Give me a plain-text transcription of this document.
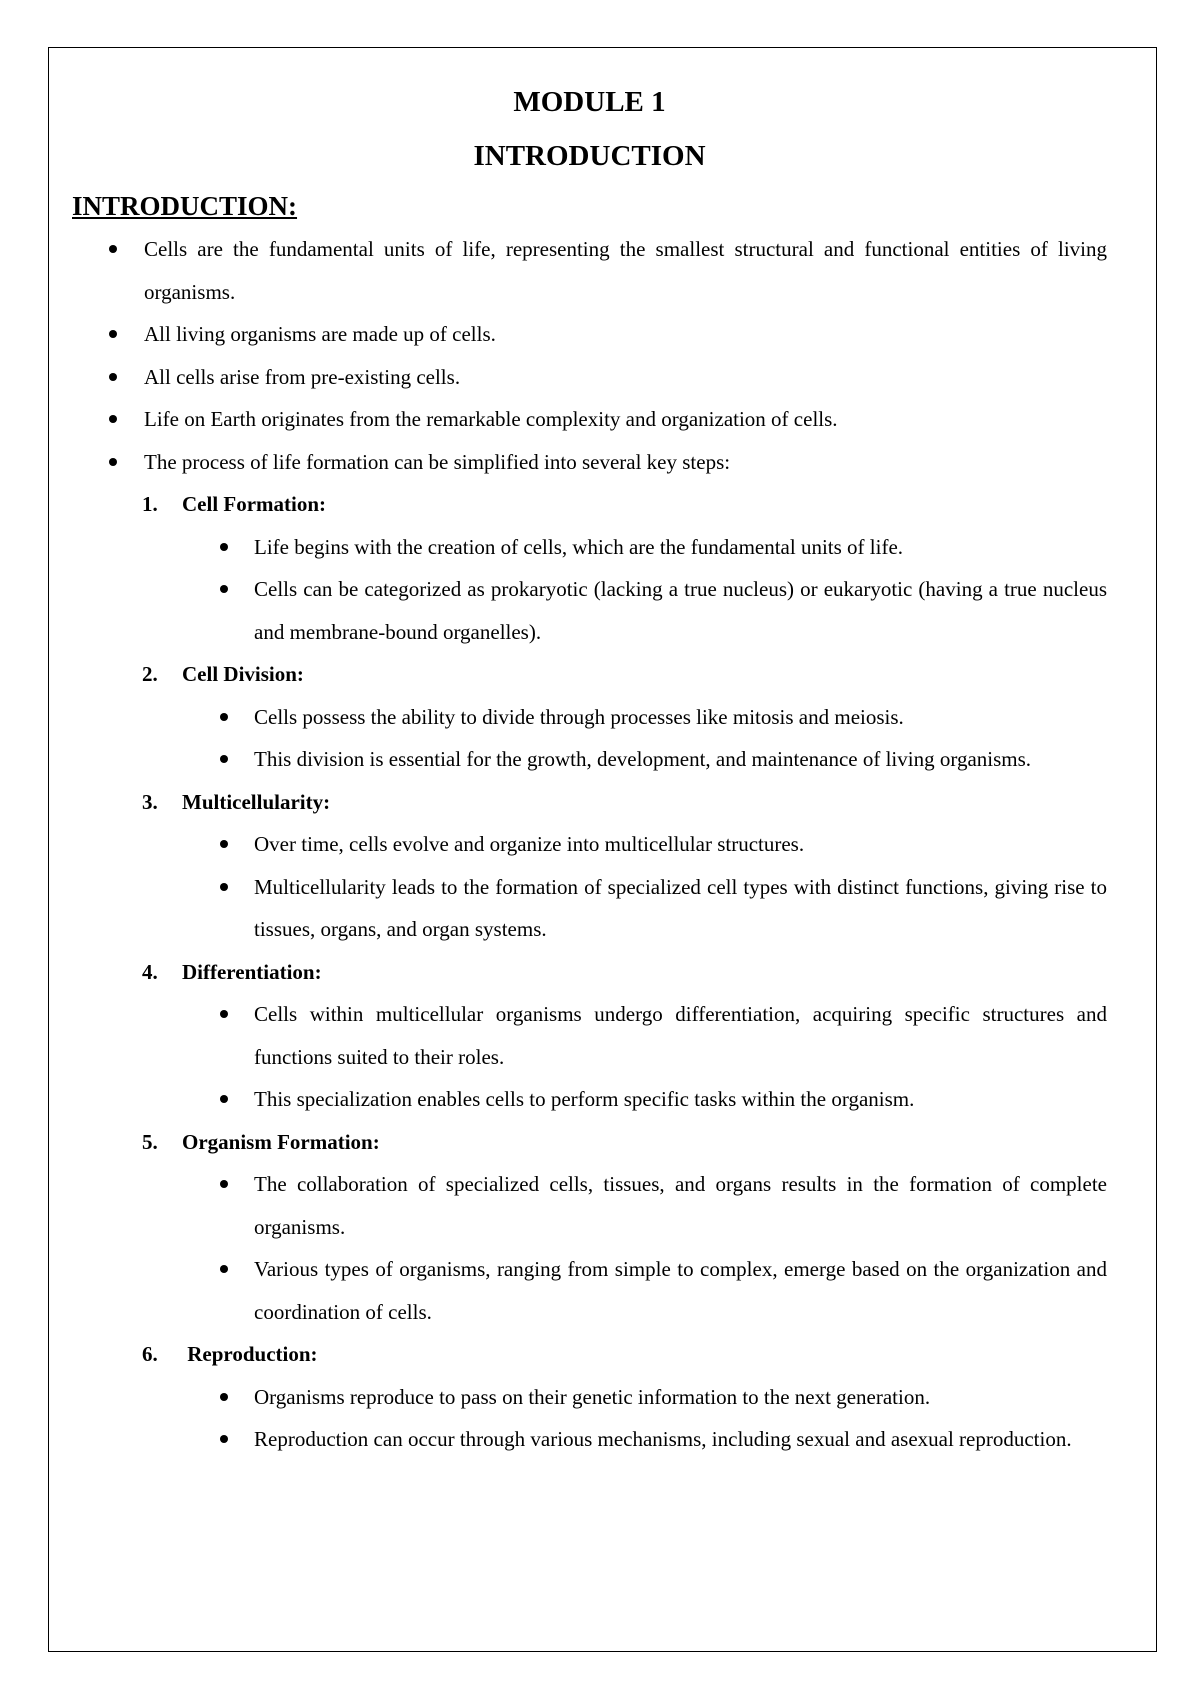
MODULE 1
INTRODUCTION
INTRODUCTION:
Cells are the fundamental units of life, representing the smallest structural and functional entities of living organisms.
All living organisms are made up of cells.
All cells arise from pre-existing cells.
Life on Earth originates from the remarkable complexity and organization of cells.
The process of life formation can be simplified into several key steps:
1. Cell Formation:
Life begins with the creation of cells, which are the fundamental units of life.
Cells can be categorized as prokaryotic (lacking a true nucleus) or eukaryotic (having a true nucleus and membrane-bound organelles).
2. Cell Division:
Cells possess the ability to divide through processes like mitosis and meiosis.
This division is essential for the growth, development, and maintenance of living organisms.
3. Multicellularity:
Over time, cells evolve and organize into multicellular structures.
Multicellularity leads to the formation of specialized cell types with distinct functions, giving rise to tissues, organs, and organ systems.
4. Differentiation:
Cells within multicellular organisms undergo differentiation, acquiring specific structures and functions suited to their roles.
This specialization enables cells to perform specific tasks within the organism.
5. Organism Formation:
The collaboration of specialized cells, tissues, and organs results in the formation of complete organisms.
Various types of organisms, ranging from simple to complex, emerge based on the organization and coordination of cells.
6. Reproduction:
Organisms reproduce to pass on their genetic information to the next generation.
Reproduction can occur through various mechanisms, including sexual and asexual reproduction.
